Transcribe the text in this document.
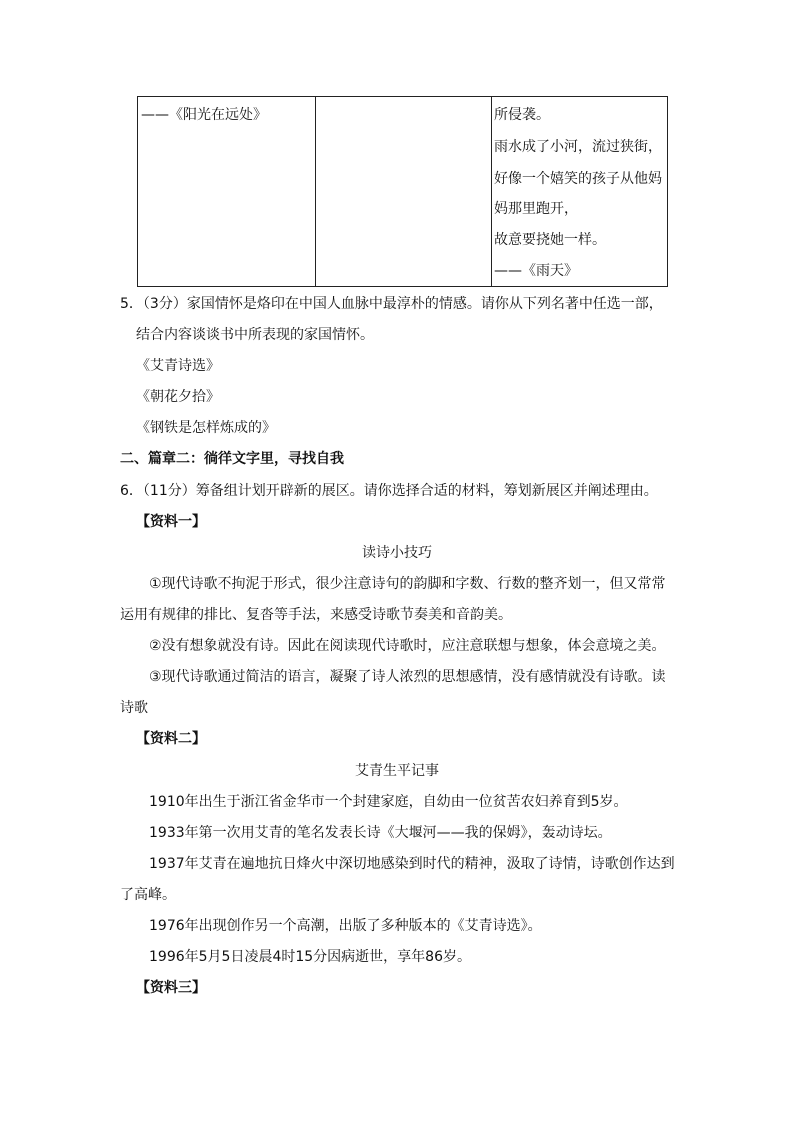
——《阳光在远处》	所侵袭。
雨水成了小河，流过狭街，
好像一个嬉笑的孩子从他妈
妈那里跑开，
故意要挠她一样。
——《雨天》
5．（3分）家国情怀是烙印在中国人血脉中最淳朴的情感。请你从下列名著中任选一部，
结合内容谈谈书中所表现的家国情怀。
《艾青诗选》
《朝花夕拾》
《钢铁是怎样炼成的》
二、篇章二：徜徉文字里，寻找自我
6．（11分）筹备组计划开辟新的展区。请你选择合适的材料，筹划新展区并阐述理由。
【资料一】
读诗小技巧
①现代诗歌不拘泥于形式，很少注意诗句的韵脚和字数、行数的整齐划一，但又常常
运用有规律的排比、复沓等手法，来感受诗歌节奏美和音韵美。
②没有想象就没有诗。因此在阅读现代诗歌时，应注意联想与想象，体会意境之美。
③现代诗歌通过简洁的语言，凝聚了诗人浓烈的思想感情，没有感情就没有诗歌。读
诗歌
【资料二】
艾青生平记事
1910年出生于浙江省金华市一个封建家庭，自幼由一位贫苦农妇养育到5岁。
1933年第一次用艾青的笔名发表长诗《大堰河——我的保姆》，轰动诗坛。
1937年艾青在遍地抗日烽火中深切地感染到时代的精神，汲取了诗情，诗歌创作达到
了高峰。
1976年出现创作另一个高潮，出版了多种版本的《艾青诗选》。
1996年5月5日凌晨4时15分因病逝世，享年86岁。
【资料三】
